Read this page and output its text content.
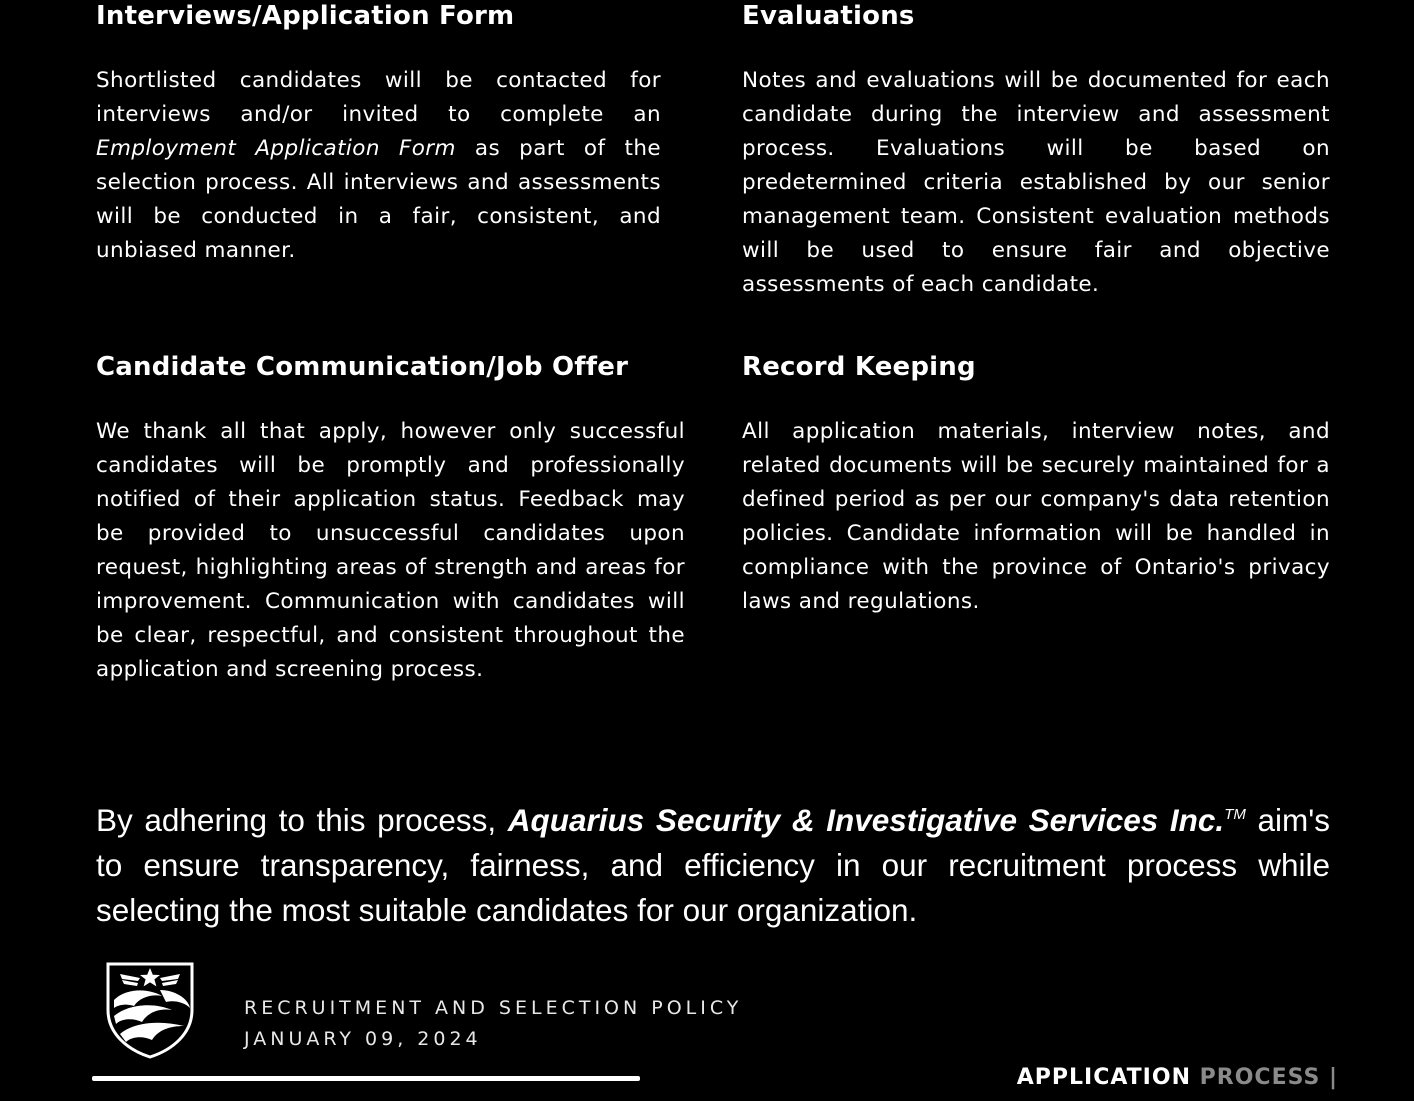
Interviews/Application Form

Shortlisted candidates will be contacted for interviews and/or invited to complete an Employment Application Form as part of the selection process. All interviews and assessments will be conducted in a fair, consistent, and unbiased manner.

Evaluations

Notes and evaluations will be documented for each candidate during the interview and assessment process. Evaluations will be based on predetermined criteria established by our senior management team. Consistent evaluation methods will be used to ensure fair and objective assessments of each candidate.

Candidate Communication/Job Offer

We thank all that apply, however only successful candidates will be promptly and professionally notified of their application status. Feedback may be provided to unsuccessful candidates upon request, highlighting areas of strength and areas for improvement. Communication with candidates will be clear, respectful, and consistent throughout the application and screening process.

Record Keeping

All application materials, interview notes, and related documents will be securely maintained for a defined period as per our company's data retention policies. Candidate information will be handled in compliance with the province of Ontario's privacy laws and regulations.

By adhering to this process, Aquarius Security & Investigative Services Inc.™ aim's to ensure transparency, fairness, and efficiency in our recruitment process while selecting the most suitable candidates for our organization.

RECRUITMENT AND SELECTION POLICY

JANUARY 09, 2024

APPLICATION PROCESS |
